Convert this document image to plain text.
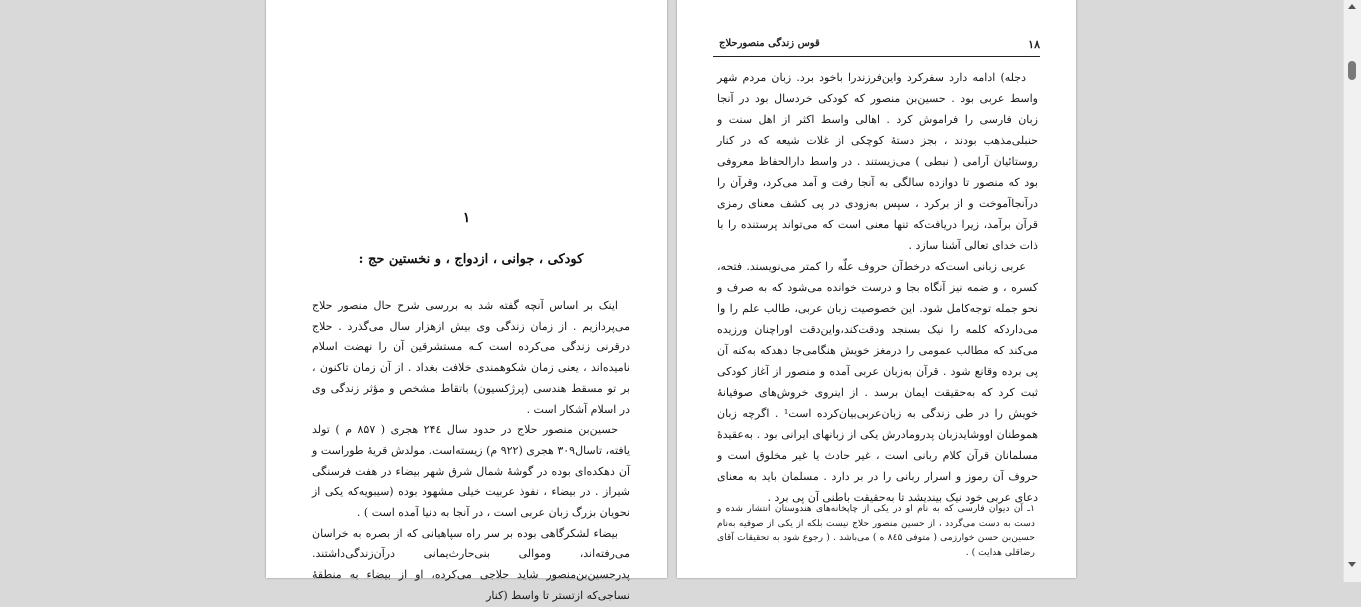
۱
کودکی ، جوانی ، ازدواج ، و نخستین حج :

اینک بر اساس آنچه گفته شد به بررسی شرح حال منصور حلاج می‌پردازیم . از زمان زندگی وی بیش ازهزار سال می‌گذرد . حلاج درقرنی زندگی می‌کرده است کـه مستشرقین آن را نهضت اسلام نامیده‌اند ، یعنی زمان شکوهمندی خلافت بغداد . از آن زمان تاکنون ، بر تو مسقط هندسی (پرژکسیون) باتقاط مشخص و مؤثر زندگی وی در اسلام آشکار است .

حسین‌بن منصور حلاج در حدود سال ۲۴٤ هجری ( ۸۵۷ م ) تولد یافته، تاسال۳۰۹ هجری (۹۲۲ م) زیسته‌است. مولدش قریهٔ طوراست و آن دهکده‌ای بوده در گوشهٔ شمال شرق شهر بیضاء در هفت فرسنگی شیراز . در بیضاء ، نفوذ عربیت خیلی مشهود بوده (سیبویه‌که یکی از نحویان بزرگ زبان عربی است ، در آنجا به دنیا آمده است ) .

بیضاء لشکرگاهی بوده بر سر راه سپاهیانی که از بصره به خراسان می‌رفته‌اند، وموالی بنی‌حارث‌یمانی درآن‌زندگی‌داشتند. پدرحسین‌بن‌منصور شاید حلاجی می‌کرده، او از بیضاء به منطقهٔ نساجی‌که ازتستر تا واسط (کنار

۱۸
قوس زندگی منصورحلاج

دجله) ادامه دارد سفرکرد واین‌فرزندرا باخود برد. زبان مردم شهر واسط عربی بود . حسین‌بن منصور که کودکی خردسال بود در آنجا زبان فارسی را فراموش کرد . اهالی واسط اکثر از اهل سنت و حنبلی‌مذهب بودند ، بجز دستهٔ کوچکی از غلات شیعه که در کنار روستائیان آرامی ( نبطی ) می‌زیستند . در واسط دارالحفاظ معروفی بود که منصور تا دوازده سالگی به آنجا رفت و آمد می‌کرد، وقرآن را درآنجاآموخت و از برکرد ، سپس به‌زودی در پی کشف معنای رمزی قرآن برآمد، زیرا دریافت‌که تنها معنی است که می‌تواند پرستنده را با ذات خدای تعالی آشنا سازد .

عربی زبانی است‌که درخط‌آن حروف علّه را کمتر می‌نویسند. فتحه، کسره ، و ضمه نیز آنگاه بجا و درست خوانده می‌شود که به صرف و نحو جمله توجه‌کامل شود. این خصوصیت زبان عربی، طالب علم را وا می‌داردکه کلمه را نیک بسنجد ودقت‌کند،واین‌دقت اوراچنان ورزیده می‌کند که مطالب عمومی را درمغز خویش هنگامی‌جا دهدکه به‌کنه آن پی برده وقانع شود . قرآن به‌زبان عربی آمده و منصور از آغاز کودکی ثبت کرد که به‌حقیقت ایمان برسد . از اینروی خروش‌های صوفیانهٔ خویش را در طی زندگی به زبان‌عربی‌بیان‌کرده است¹ . اگرچه زبان هموطنان اووشایدزبان پدرومادرش یکی از زبانهای ایرانی بود . به‌عقیدهٔ مسلمانان قرآن کلام ربانی است ، غیر حادث یا غیر مخلوق است و حروف آن رموز و اسرار ربانی را در بر دارد . مسلمان باید به معنای دعای عربی خود نیک بیندیشد تا به‌حقیقت باطنی آن پی برد .

۱ـ آن دیوان فارسی که به نام او در یکی از چاپخانه‌های هندوستان انتشار شده و دست به دست می‌گردد ، از حسین منصور حلاج نیست بلکه از یکی از صوفیه به‌نام حسین‌بن حسن خوارزمی ( متوفی ۸٤۵ ه ) می‌باشد . ( رجوع شود به تحقیقات آقای رضاقلی هدایت ) .
